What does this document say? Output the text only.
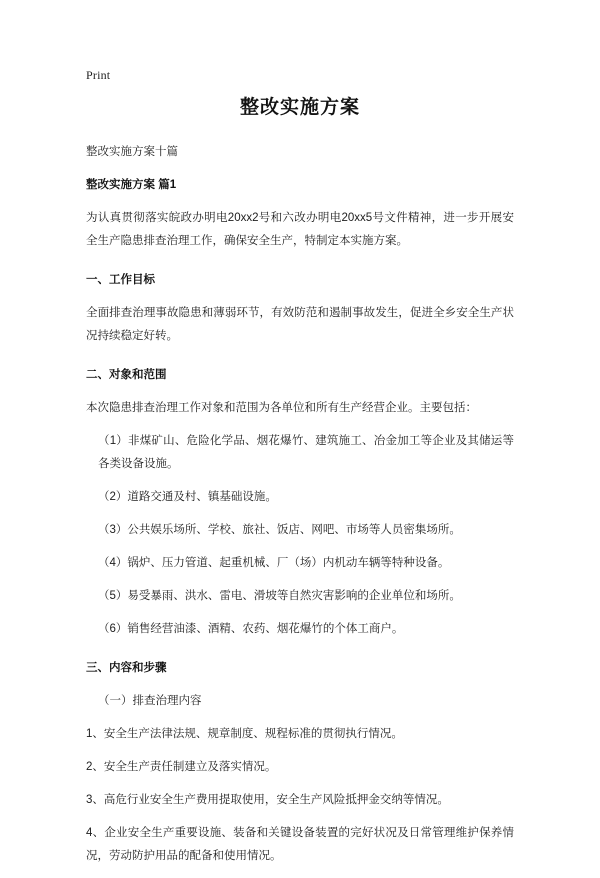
Print
整改实施方案

整改实施方案十篇

整改实施方案 篇1

为认真贯彻落实皖政办明电20xx2号和六改办明电20xx5号文件精神，进一步开展安全生产隐患排查治理工作，确保安全生产，特制定本实施方案。

一、工作目标

全面排查治理事故隐患和薄弱环节，有效防范和遏制事故发生，促进全乡安全生产状况持续稳定好转。

二、对象和范围

本次隐患排查治理工作对象和范围为各单位和所有生产经营企业。主要包括：

（1）非煤矿山、危险化学品、烟花爆竹、建筑施工、冶金加工等企业及其储运等各类设备设施。

（2）道路交通及村、镇基础设施。

（3）公共娱乐场所、学校、旅社、饭店、网吧、市场等人员密集场所。

（4）锅炉、压力管道、起重机械、厂（场）内机动车辆等特种设备。

（5）易受暴雨、洪水、雷电、滑坡等自然灾害影响的企业单位和场所。

（6）销售经营油漆、酒精、农药、烟花爆竹的个体工商户。

三、内容和步骤

（一）排查治理内容

1、安全生产法律法规、规章制度、规程标准的贯彻执行情况。

2、安全生产责任制建立及落实情况。

3、高危行业安全生产费用提取使用，安全生产风险抵押金交纳等情况。

4、企业安全生产重要设施、装备和关键设备装置的完好状况及日常管理维护保养情况，劳动防护用品的配备和使用情况。
